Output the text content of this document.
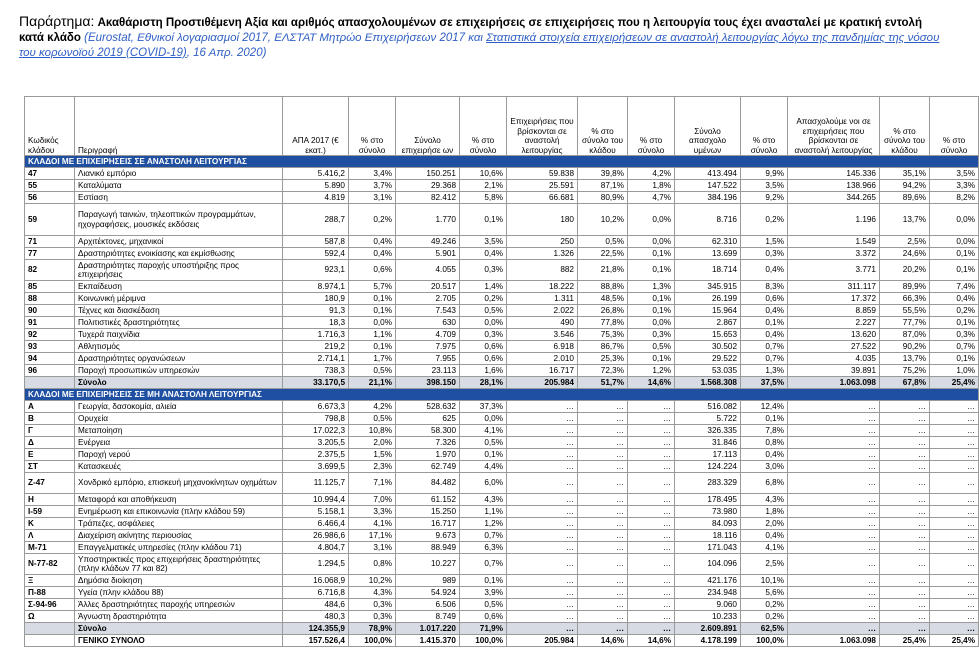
Παράρτημα: Ακαθάριστη Προστιθέμενη Αξία και αριθμός απασχολουμένων σε επιχειρήσεις σε επιχειρήσεις που η λειτουργία τους έχει ανασταλεί με κρατική εντολή κατά κλάδο (Eurostat, Εθνικοί λογαριασμοί 2017, ΕΛΣΤΑΤ Μητρώο Επιχειρήσεων 2017 και Στατιστικά στοιχεία επιχειρήσεων σε αναστολή λειτουργίας λόγω της πανδημίας της νόσου του κορωνοϊού 2019 (COVID-19), 16 Απρ. 2020)
Κωδικός κλάδου	Περιγραφή	ΑΠΑ 2017 (€ εκατ.)	% στο σύνολο	Σύνολο επιχειρήσε ων	% στο σύνολο	Επιχειρήσεις που βρίσκονται σε αναστολή λειτουργίας	% στο σύνολο του κλάδου	% στο σύνολο	Σύνολο απασχολο υμένων	% στο σύνολο	Απασχολούμε νοι σε επιχειρήσεις που βρίσκονται σε αναστολή λειτουργίας	% στο σύνολο του κλάδου	% στο σύνολο
ΚΛΑΔΟΙ ΜΕ ΕΠΙΧΕΙΡΗΣΕΙΣ ΣΕ ΑΝΑΣΤΟΛΗ ΛΕΙΤΟΥΡΓΙΑΣ													
47	Λιανικό εμπόριο	5.416,2	3,4%	150.251	10,6%	59.838	39,8%	4,2%	413.494	9,9%	145.336	35,1%	3,5%
55	Καταλύματα	5.890	3,7%	29.368	2,1%	25.591	87,1%	1,8%	147.522	3,5%	138.966	94,2%	3,3%
56	Εστίαση	4.819	3,1%	82.412	5,8%	66.681	80,9%	4,7%	384.196	9,2%	344.265	89,6%	8,2%
59	Παραγωγή ταινιών, τηλεοπτικών προγραμμάτων, ηχογραφήσεις, μουσικές εκδόσεις	288,7	0,2%	1.770	0,1%	180	10,2%	0,0%	8.716	0,2%	1.196	13,7%	0,0%
71	Αρχιτέκτονες, μηχανικοί	587,8	0,4%	49.246	3,5%	250	0,5%	0,0%	62.310	1,5%	1.549	2,5%	0,0%
77	Δραστηριότητες ενοικίασης και εκμίσθωσης	592,4	0,4%	5.901	0,4%	1.326	22,5%	0,1%	13.699	0,3%	3.372	24,6%	0,1%
82	Δραστηριότητες παροχής υποστήριξης προς επιχειρήσεις	923,1	0,6%	4.055	0,3%	882	21,8%	0,1%	18.714	0,4%	3.771	20,2%	0,1%
85	Εκπαίδευση	8.974,1	5,7%	20.517	1,4%	18.222	88,8%	1,3%	345.915	8,3%	311.117	89,9%	7,4%
88	Κοινωνική μέριμνα	180,9	0,1%	2.705	0,2%	1.311	48,5%	0,1%	26.199	0,6%	17.372	66,3%	0,4%
90	Τέχνες και διασκέδαση	91,3	0,1%	7.543	0,5%	2.022	26,8%	0,1%	15.964	0,4%	8.859	55,5%	0,2%
91	Πολιτιστικές δραστηριότητες	18,3	0,0%	630	0,0%	490	77,8%	0,0%	2.867	0,1%	2.227	77,7%	0,1%
92	Τυχερά παιχνίδια	1.716,3	1,1%	4.709	0,3%	3.546	75,3%	0,3%	15.653	0,4%	13.620	87,0%	0,3%
93	Αθλητισμός	219,2	0,1%	7.975	0,6%	6.918	86,7%	0,5%	30.502	0,7%	27.522	90,2%	0,7%
94	Δραστηριότητες οργανώσεων	2.714,1	1,7%	7.955	0,6%	2.010	25,3%	0,1%	29.522	0,7%	4.035	13,7%	0,1%
96	Παροχή προσωπικών υπηρεσιών	738,3	0,5%	23.113	1,6%	16.717	72,3%	1,2%	53.035	1,3%	39.891	75,2%	1,0%
	Σύνολο	33.170,5	21,1%	398.150	28,1%	205.984	51,7%	14,6%	1.568.308	37,5%	1.063.098	67,8%	25,4%
ΚΛΑΔΟΙ ΜΕ ΕΠΙΧΕΙΡΗΣΕΙΣ ΣΕ ΜΗ ΑΝΑΣΤΟΛΗ ΛΕΙΤΟΥΡΓΙΑΣ													
A	Γεωργία, δασοκομία, αλιεία	6.673,3	4,2%	528.632	37,3%	…	…	…	516.082	12,4%	…	…	…
B	Ορυχεία	798,8	0,5%	625	0,0%	…	…	…	5.722	0,1%	…	…	…
Γ	Μεταποίηση	17.022,3	10,8%	58.300	4,1%	…	…	…	326.335	7,8%	…	…	…
Δ	Ενέργεια	3.205,5	2,0%	7.326	0,5%	…	…	…	31.846	0,8%	…	…	…
E	Παροχή νερού	2.375,5	1,5%	1.970	0,1%	…	…	…	17.113	0,4%	…	…	…
ΣT	Κατασκευές	3.699,5	2,3%	62.749	4,4%	…	…	…	124.224	3,0%	…	…	…
Z-47	Χονδρικό εμπόριο, επισκευή μηχανοκίνητων οχημάτων	11.125,7	7,1%	84.482	6,0%	…	…	…	283.329	6,8%	…	…	…
H	Μεταφορά και αποθήκευση	10.994,4	7,0%	61.152	4,3%	…	…	…	178.495	4,3%	…	…	…
I-59	Ενημέρωση και επικοινωνία (πλην κλάδου 59)	5.158,1	3,3%	15.250	1,1%	…	…	…	73.980	1,8%	…	…	…
K	Τράπεζες, ασφάλειες	6.466,4	4,1%	16.717	1,2%	…	…	…	84.093	2,0%	…	…	…
Λ	Διαχείριση ακίνητης περιουσίας	26.986,6	17,1%	9.673	0,7%	…	…	…	18.116	0,4%	…	…	…
M-71	Επαγγελματικές υπηρεσίες (πλην κλάδου 71)	4.804,7	3,1%	88.949	6,3%	…	…	…	171.043	4,1%	…	…	…
N-77-82	Υποστηρικτικές προς επιχειρήσεις δραστηριότητες (πλην κλάδων 77 και 82)	1.294,5	0,8%	10.227	0,7%	…	…	…	104.096	2,5%	…	…	…
Ξ	Δημόσια διοίκηση	16.068,9	10,2%	989	0,1%	…	…	…	421.176	10,1%	…	…	…
Π-88	Υγεία (πλην κλάδου 88)	6.716,8	4,3%	54.924	3,9%	…	…	…	234.948	5,6%	…	…	…
Σ-94-96	Άλλες δραστηριότητες παροχής υπηρεσιών	484,6	0,3%	6.506	0,5%	…	…	…	9.060	0,2%	…	…	…
Ω	Άγνωστη δραστηριότητα	480,3	0,3%	8.749	0,6%	…	…	…	10.233	0,2%	…	…	…
	Σύνολο	124.355,9	78,9%	1.017.220	71,9%	…	…	…	2.609.891	62,5%	…	…	…
	ΓΕΝΙΚΟ ΣΥΝΟΛΟ	157.526,4	100,0%	1.415.370	100,0%	205.984	14,6%	14,6%	4.178.199	100,0%	1.063.098	25,4%	25,4%
